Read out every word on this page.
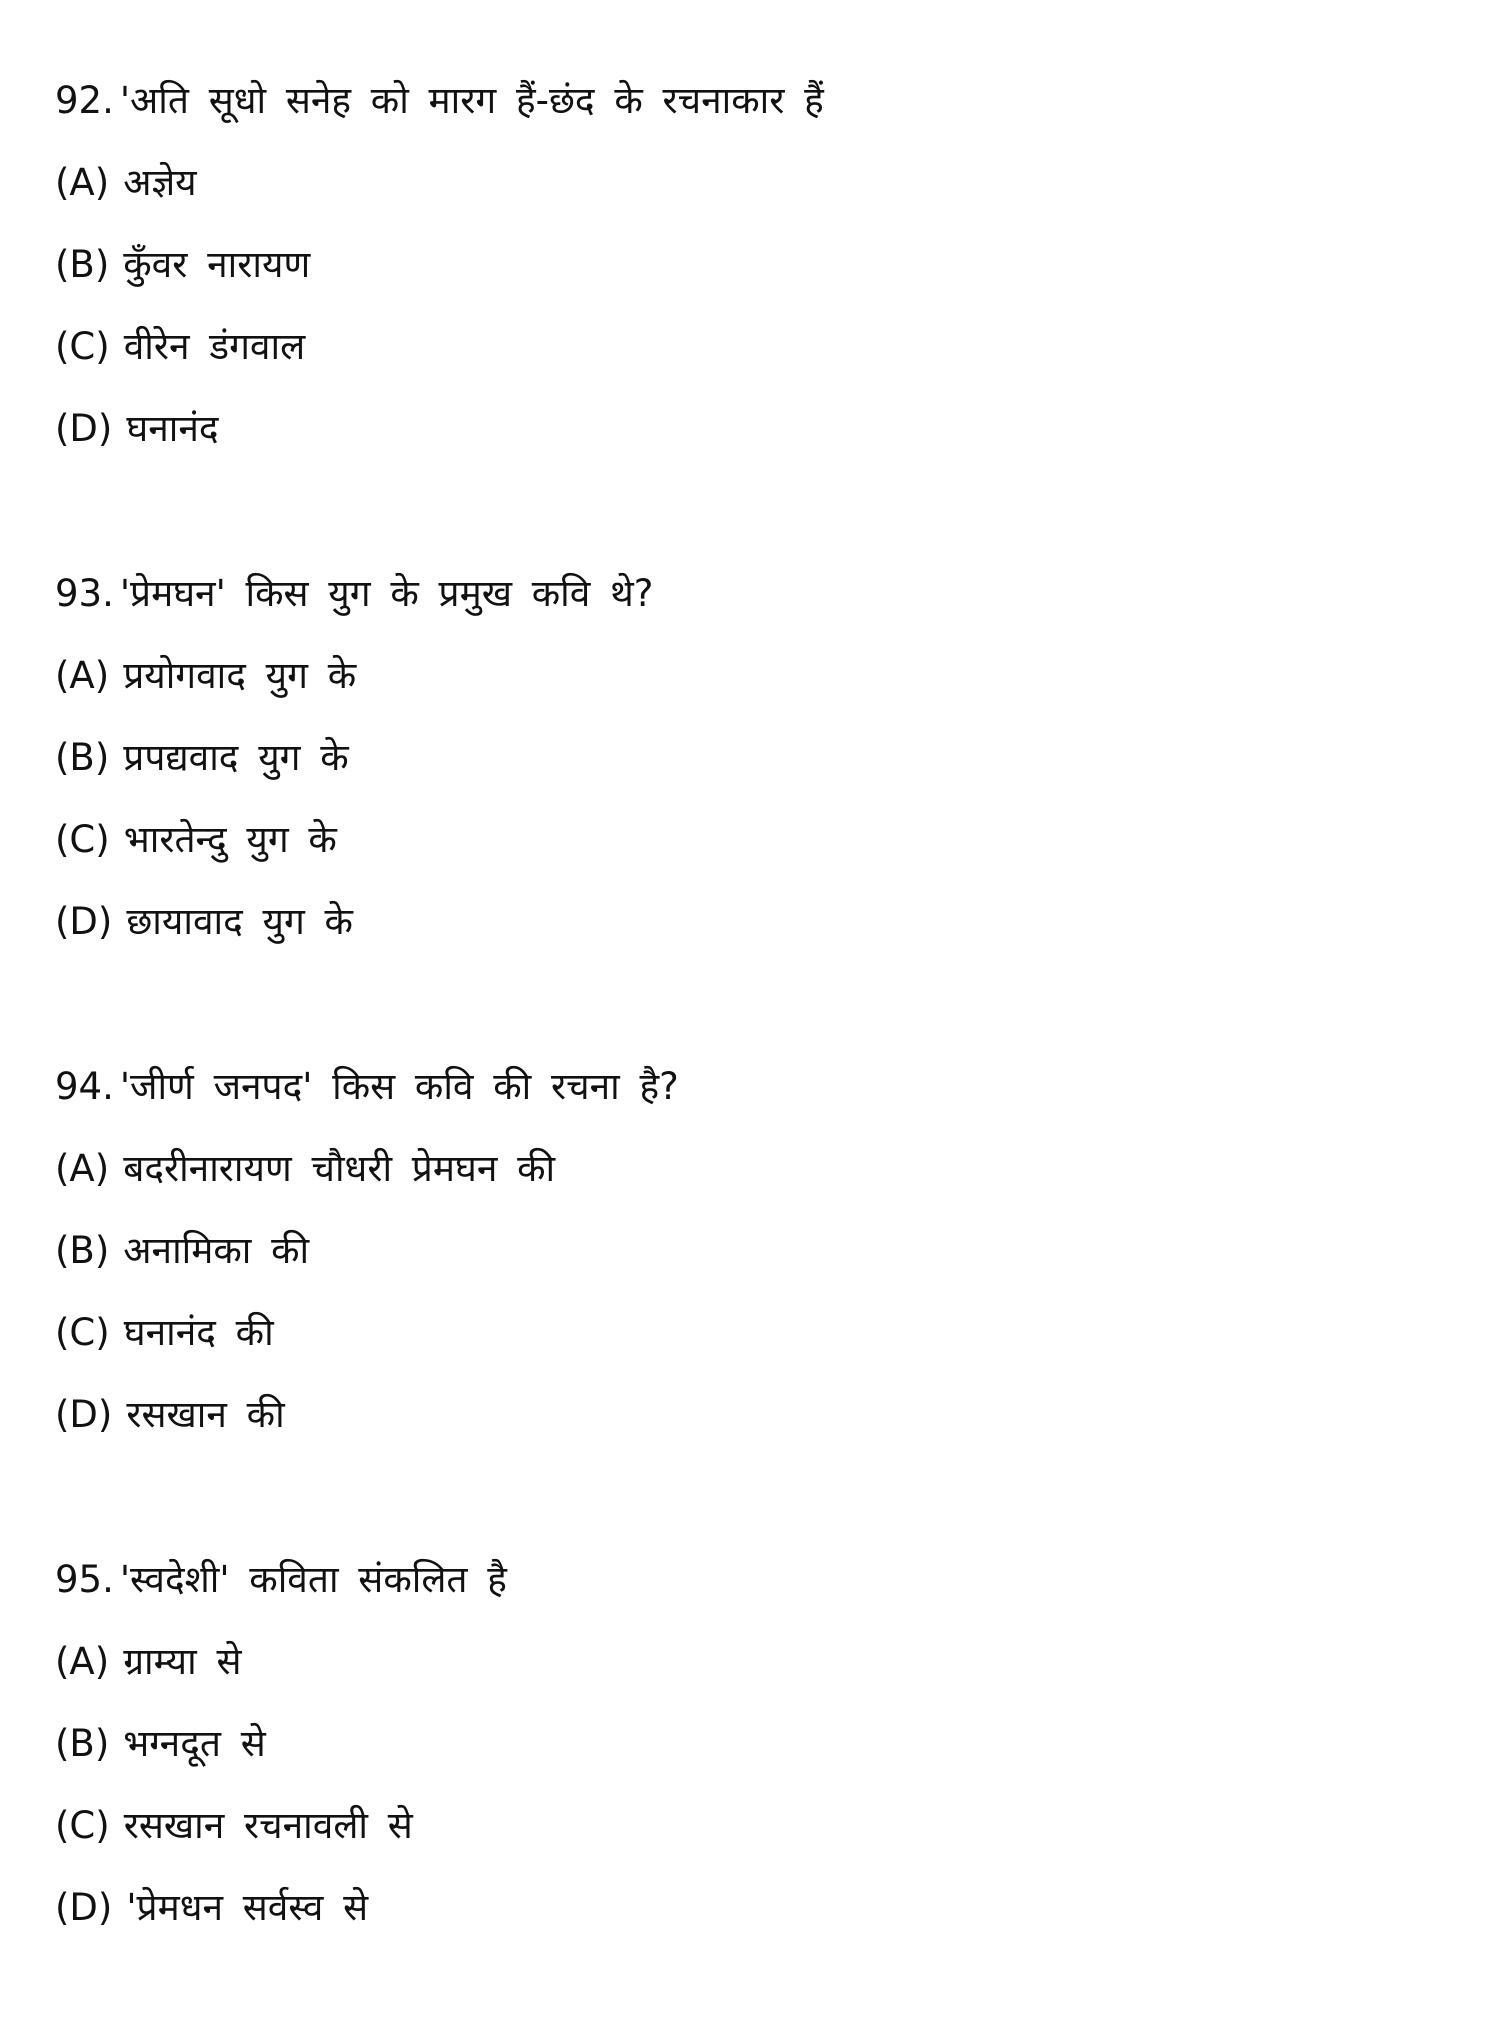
92. 'अति सूधो सनेह को मारग हैं-छंद के रचनाकार हैं
(A) अज्ञेय
(B) कुँवर नारायण
(C) वीरेन डंगवाल
(D) घनानंद
93. 'प्रेमघन' किस युग के प्रमुख कवि थे?
(A) प्रयोगवाद युग के
(B) प्रपद्यवाद युग के
(C) भारतेन्दु युग के
(D) छायावाद युग के
94. 'जीर्ण जनपद' किस कवि की रचना है?
(A) बदरीनारायण चौधरी प्रेमघन की
(B) अनामिका की
(C) घनानंद की
(D) रसखान की
95. 'स्वदेशी' कविता संकलित है
(A) ग्राम्या से
(B) भग्नदूत से
(C) रसखान रचनावली से
(D) 'प्रेमधन सर्वस्व से
